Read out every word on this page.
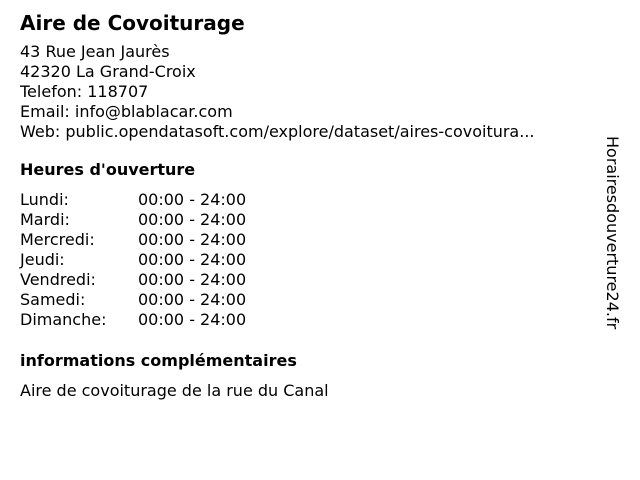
Aire de Covoiturage
43 Rue Jean Jaurès
42320 La Grand-Croix
Telefon: 118707
Email: info@blablacar.com
Web: public.opendatasoft.com/explore/dataset/aires-covoitura...
Heures d'ouverture
Lundi:	00:00 - 24:00
Mardi:	00:00 - 24:00
Mercredi:	00:00 - 24:00
Jeudi:	00:00 - 24:00
Vendredi:	00:00 - 24:00
Samedi:	00:00 - 24:00
Dimanche:	00:00 - 24:00
informations complémentaires
Aire de covoiturage de la rue du Canal
Horairesdouverture24.fr
